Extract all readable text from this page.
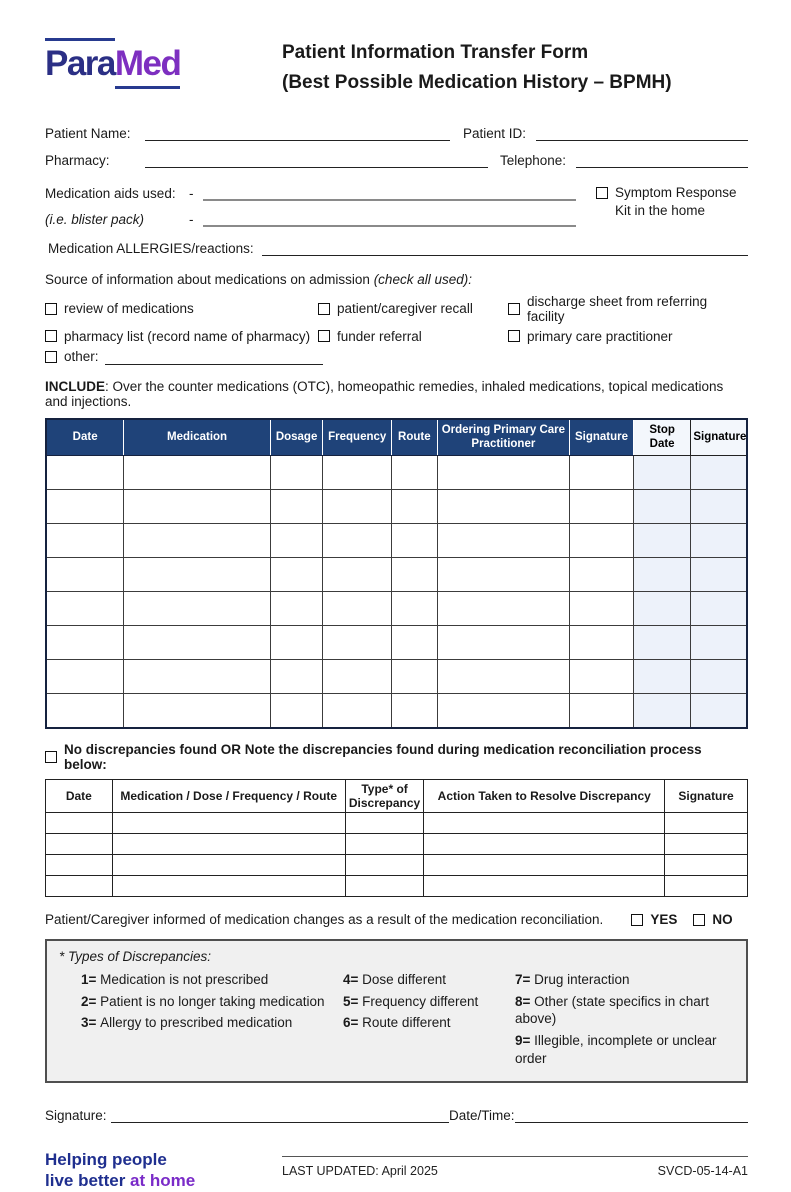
ParaMed	Patient Information Transfer Form
(Best Possible Medication History – BPMH)
Patient Name:	Patient ID:
Pharmacy:	Telephone:
Medication aids used: -
(i.e. blister pack)	-
Symptom Response
Kit in the home
Medication ALLERGIES/reactions:
Source of information about medications on admission (check all used):
review of medications	patient/caregiver recall	discharge sheet from referring facility
pharmacy list (record name of pharmacy) funder referral	primary care practitioner
other:
INCLUDE: Over the counter medications (OTC), homeopathic remedies, inhaled medications, topical medications and injections.
Date	Medication	Dosage	Frequency	Route	Ordering Primary Care Practitioner	Signature	Stop Date	Signature

No discrepancies found OR Note the discrepancies found during medication reconciliation process below:
Date	Medication / Dose / Frequency / Route	Type* of Discrepancy	Action Taken to Resolve Discrepancy	Signature

Patient/Caregiver informed of medication changes as a result of the medication reconciliation.	YES	NO
* Types of Discrepancies:
1= Medication is not prescribed
2= Patient is no longer taking medication
3= Allergy to prescribed medication
4= Dose different
5= Frequency different
6= Route different
7= Drug interaction
8= Other (state specifics in chart above)
9= Illegible, incomplete or unclear order
Signature:	Date/Time:
Helping people
live better at home
LAST UPDATED: April 2025	SVCD-05-14-A1
